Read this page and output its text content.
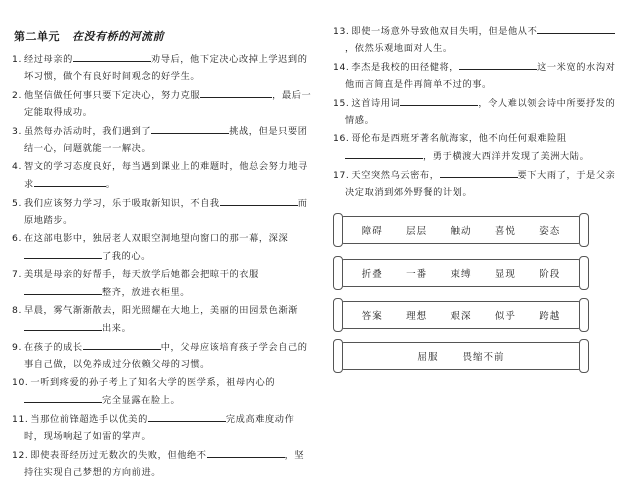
第二单元 在没有桥的河流前
1. 经过母亲的	劝导后，他下定决心改掉上学迟到的坏习惯，做个有良好时间观念的好学生。
2. 他坚信做任何事只要下定决心，努力克服	，最后一定能取得成功。
3. 虽然每办活动时，我们遇到了	挑战，但是只要团结一心，问题就能一一解决。
4. 智文的学习态度良好，每当遇到课业上的难题时，他总会努力地寻求	。
5. 我们应该努力学习，乐于吸取新知识，不自我	而原地踏步。
6. 在这部电影中，独居老人双眼空洞地望向窗口的那一幕，深深了我的心。
7. 美琪是母亲的好帮手，每天放学后她都会把晾干的衣服整齐，放进衣柜里。
8. 早晨，雾气渐渐散去，阳光照耀在大地上，美丽的田园景色渐渐出来。
9. 在孩子的成长	中，父母应该培育孩子学会自己的事自己做，以免养成过分依赖父母的习惯。
10. 一听到疼爱的孙子考上了知名大学的医学系，祖母内心的完全显露在脸上。
11. 当那位前锋超选手以优美的	完成高难度动作时，现场响起了如雷的掌声。
12. 即使表哥经历过无数次的失败，但他绝不	，坚持往实现自己梦想的方向前进。
13. 即使一场意外导致他双目失明，但是他从不，依然乐观地面对人生。
14. 李杰是我校的田径健将，	这一米宽的水沟对他而言简直是件再简单不过的事。
15. 这首诗用词	，令人难以领会诗中所要抒发的情感。
16. 哥伦布是西班牙著名航海家，他不向任何艰难险阻，勇于横渡大西洋并发现了美洲大陆。
17. 天空突然乌云密布，	要下大雨了，于是父亲决定取消到郊外野餐的计划。
障碍 层层 触动 喜悦 姿态
折叠 一番 束缚 显现 阶段
答案 理想 艰深 似乎 跨越
屈服	畏缩不前
